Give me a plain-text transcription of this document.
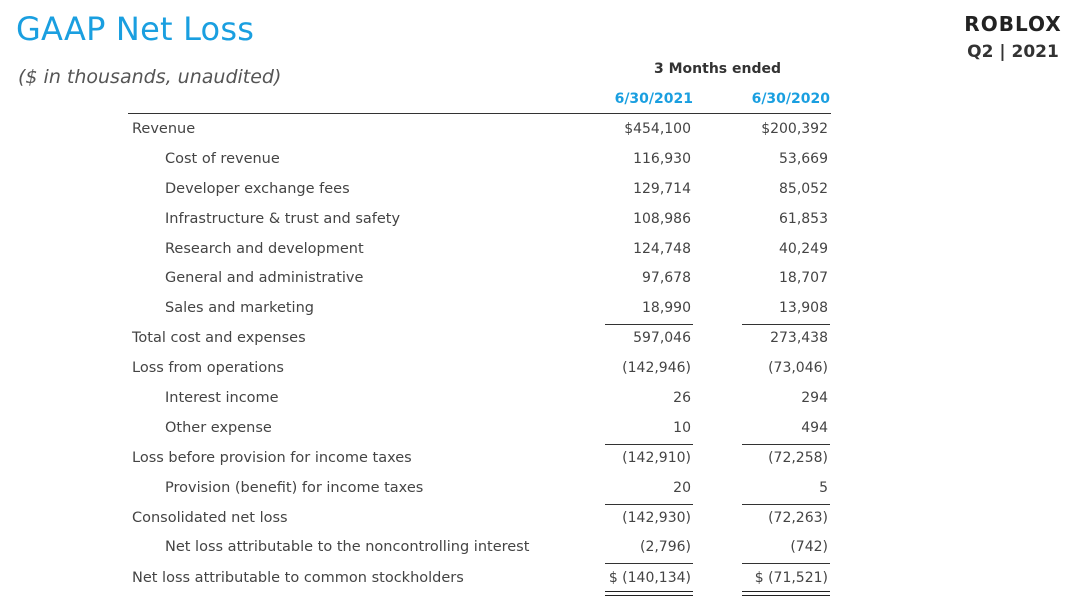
GAAP Net Loss
($ in thousands, unaudited)
ROBLOX
Q2 | 2021
3 Months ended
6/30/2021	6/30/2020
Revenue	$454,100	$200,392
Cost of revenue	116,930	53,669
Developer exchange fees	129,714	85,052
Infrastructure & trust and safety	108,986	61,853
Research and development	124,748	40,249
General and administrative	97,678	18,707
Sales and marketing	18,990	13,908
Total cost and expenses	597,046	273,438
Loss from operations	(142,946)	(73,046)
Interest income	26	294
Other expense	10	494
Loss before provision for income taxes	(142,910)	(72,258)
Provision (benefit) for income taxes	20	5
Consolidated net loss	(142,930)	(72,263)
Net loss attributable to the noncontrolling interest	(2,796)	(742)
Net loss attributable to common stockholders	$ (140,134)	$ (71,521)
